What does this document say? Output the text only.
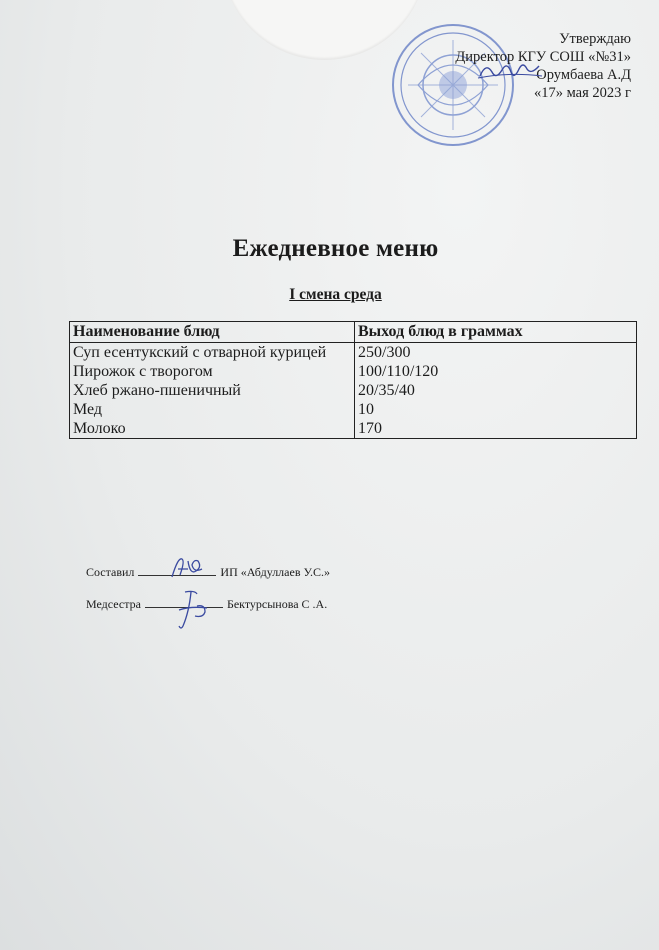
Утверждаю
Директор КГУ СОШ «№31»
Орумбаева А.Д
«17» мая 2023 г
Ежедневное меню
I смена среда
Наименование блюд	Выход блюд в граммах
Суп есентукский с отварной курицей	250/300
Пирожок с творогом	100/110/120
Хлеб ржано-пшеничный	20/35/40
Мед	10
Молоко	170
Составил	ИП «Абдуллаев У.С.»
Медсестра	Бектурсынова С .А.
